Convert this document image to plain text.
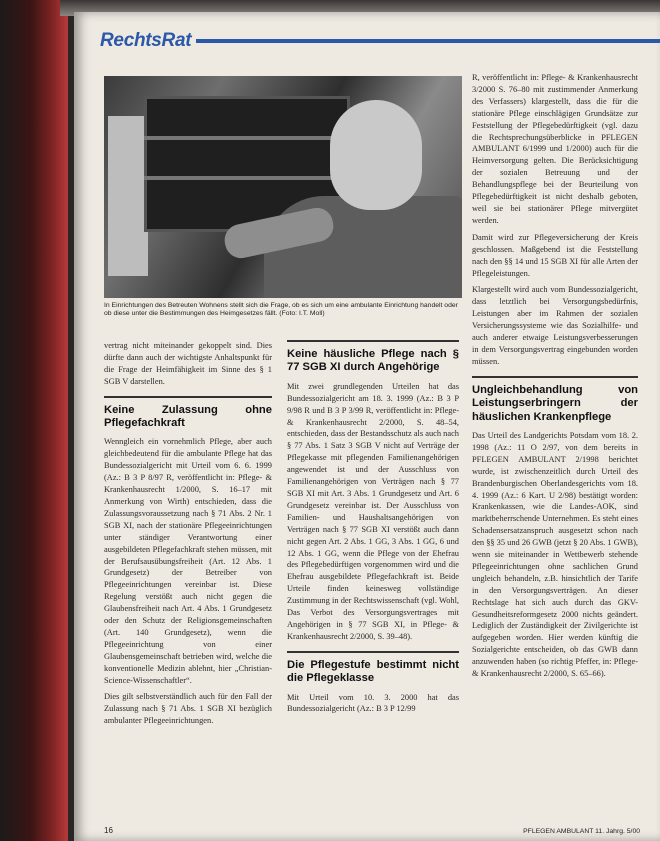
RechtsRat
In Einrichtungen des Betreuten Wohnens stellt sich die Frage, ob es sich um eine ambulante Einrichtung handelt oder ob diese unter die Bestimmungen des Heimgesetzes fällt. (Foto: I.T. Moll)

vertrag nicht miteinander gekoppelt sind. Dies dürfte dann auch der wichtigste Anhaltspunkt für die Frage der Heimfähigkeit im Sinne des § 1 SGB V darstellen.

Keine Zulassung ohne Pflegefachkraft

Wenngleich ein vornehmlich Pflege, aber auch gleichbedeutend für die ambulante Pflege hat das Bundessozialgericht mit Urteil vom 6. 6. 1999 (Az.: B 3 P 8/97 R, veröffentlicht in: Pflege- & Krankenhausrecht 1/2000, S. 16–17 mit Anmerkung von Wirth) entschieden, dass die Zulassungsvoraussetzung nach § 71 Abs. 2 Nr. 1 SGB XI, nach der stationäre Pflegeeinrichtungen unter ständiger Verantwortung einer ausgebildeten Pflegefachkraft stehen müssen, mit der Berufsausübungsfreiheit (Art. 12 Abs. 1 Grundgesetz) der Betreiber von Pflegeeinrichtungen vereinbar ist. Diese Regelung verstößt auch nicht gegen die Glaubensfreiheit nach Art. 4 Abs. 1 Grundgesetz oder den Schutz der Religionsgemeinschaften (Art. 140 Grundgesetz), wenn die Pflegeeinrichtung von einer Glaubensgemeinschaft betrieben wird, welche die konventionelle Medizin ablehnt, hier „Christian-Science-Wissenschaftler“.

Dies gilt selbstverständlich auch für den Fall der Zulassung nach § 71 Abs. 1 SGB XI bezüglich ambulanter Pflegeeinrichtungen.

Keine häusliche Pflege nach § 77 SGB XI durch Angehörige

Mit zwei grundlegenden Urteilen hat das Bundessozialgericht am 18. 3. 1999 (Az.: B 3 P 9/98 R und B 3 P 3/99 R, veröffentlicht in: Pflege- & Krankenhausrecht 2/2000, S. 48–54, entschieden, dass der Bestandsschutz als auch nach § 77 Abs. 1 Satz 3 SGB V nicht auf Verträge der Pflegekasse mit pflegenden Familienangehörigen angewendet ist und der Ausschluss von Familienangehörigen von Verträgen nach § 77 SGB XI mit Art. 3 Abs. 1 Grundgesetz und Art. 6 Grundgesetz vereinbar ist. Der Ausschluss von Familien- und Haushaltsangehörigen von Verträgen nach § 77 SGB XI verstößt auch dann nicht gegen Art. 2 Abs. 1 GG, 3 Abs. 1 GG, 6 und 12 Abs. 1 GG, wenn die Pflege von der Ehefrau des Pflegebedürftigen vorgenommen wird und die Ehefrau ausgebildete Pflegefachkraft ist. Beide Urteile finden keinesweg vollständige Zustimmung in der Rechtswissenschaft (vgl. Wohl, Das Verbot des Versorgungsvertrages mit Angehörigen in § 77 SGB XI, in Pflege- & Krankenhausrecht 2/2000, S. 39–48).

Die Pflegestufe bestimmt nicht die Pflegeklasse

Mit Urteil vom 10. 3. 2000 hat das Bundessozialgericht (Az.: B 3 P 12/99

R, veröffentlicht in: Pflege- & Krankenhausrecht 3/2000 S. 76–80 mit zustimmender Anmerkung des Verfassers) klargestellt, dass die für die stationäre Pflege einschlägigen Grundsätze zur Feststellung der Pflegebedürftigkeit (vgl. dazu die Rechtsprechungsüberblicke in PFLEGEN AMBULANT 6/1999 und 1/2000) auch für die Heimversorgung gelten. Die Berücksichtigung der sozialen Betreuung und der Behandlungspflege bei der Beurteilung von Pflegebedürftigkeit ist nicht deshalb geboten, weil sie bei stationärer Pflege mitvergütet werden.

Damit wird zur Pflegeversicherung der Kreis geschlossen. Maßgebend ist die Feststellung nach den §§ 14 und 15 SGB XI für alle Arten der Pflegeleistungen.

Klargestellt wird auch vom Bundessozialgericht, dass letztlich bei Versorgungsbedürfnis, Leistungen aber im Rahmen der sozialen Versicherungssysteme wie das Sozialhilfe- und auch anderer etwaige Leistungsverbesserungen in dem Versorgungsvertrag eingebunden worden müssen.

Ungleichbehandlung von Leistungserbringern der häuslichen Krankenpflege

Das Urteil des Landgerichts Potsdam vom 18. 2. 1998 (Az.: 11 O 2/97, von dem bereits in PFLEGEN AMBULANT 2/1998 berichtet wurde, ist zwischenzeitlich durch Urteil des Brandenburgischen Oberlandesgerichts vom 18. 4. 1999 (Az.: 6 Kart. U 2/98) bestätigt worden: Krankenkassen, wie die Landes-AOK, sind marktbeherrschende Unternehmen. Es steht eines Schadensersatzanspruch ausgesetzt schon nach den §§ 35 und 26 GWB (jetzt § 20 Abs. 1 GWB), wenn sie miteinander in Wettbewerb stehende Pflegeeinrichtungen ohne sachlichen Grund ungleich behandeln, z.B. hinsichtlich der Tarife in den Versorgungsverträgen. An dieser Rechtslage hat sich auch durch das GKV-Gesundheitsreformgesetz 2000 nichts geändert. Lediglich der Zuständigkeit der Zivilgerichte ist aufgegeben worden. Hier werden künftig die Sozialgerichte entscheiden, ob das GWB dann anzuwenden haben (so richtig Pfeffer, in: Pflege- & Krankenhausrecht 2/2000, S. 65–66).

16	PFLEGEN AMBULANT 11. Jahrg. 5/00
